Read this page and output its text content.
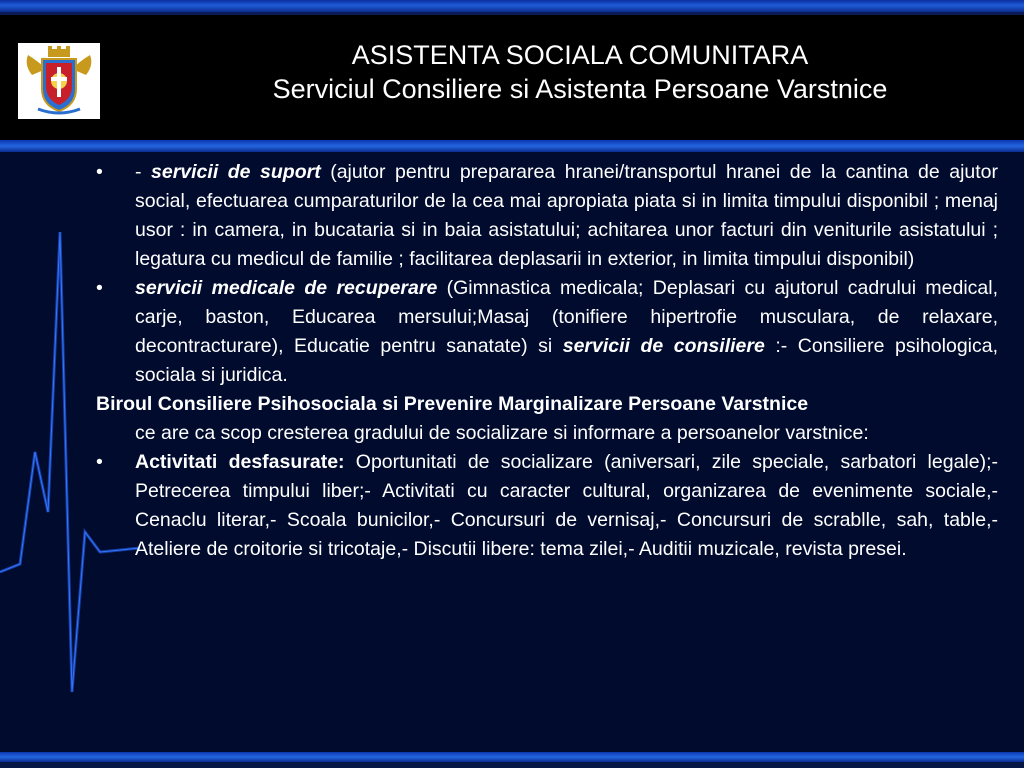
ASISTENTA SOCIALA COMUNITARA
Serviciul Consiliere si Asistenta Persoane Varstnice

• - servicii de suport (ajutor pentru prepararea hranei/transportul hranei de la cantina de ajutor social, efectuarea cumparaturilor de la cea mai apropiata piata si in limita timpului disponibil ; menaj usor : in camera, in bucataria si in baia asistatului; achitarea unor facturi din veniturile asistatului ; legatura cu medicul de familie ; facilitarea deplasarii in exterior, in limita timpului disponibil)

• servicii medicale de recuperare (Gimnastica medicala; Deplasari cu ajutorul cadrului medical, carje, baston, Educarea mersului;Masaj (tonifiere hipertrofie musculara, de relaxare, decontracturare), Educatie pentru sanatate) si servicii de consiliere :- Consiliere psihologica, sociala si juridica.

Biroul Consiliere Psihosociala si Prevenire Marginalizare Persoane Varstnice
ce are ca scop cresterea gradului de socializare si informare a persoanelor varstnice:

• Activitati desfasurate: Oportunitati de socializare (aniversari, zile speciale, sarbatori legale);- Petrecerea timpului liber;- Activitati cu caracter cultural, organizarea de evenimente sociale,- Cenaclu literar,- Scoala bunicilor,- Concursuri de vernisaj,- Concursuri de scrablle, sah, table,- Ateliere de croitorie si tricotaje,- Discutii libere: tema zilei,- Auditii muzicale, revista presei.
